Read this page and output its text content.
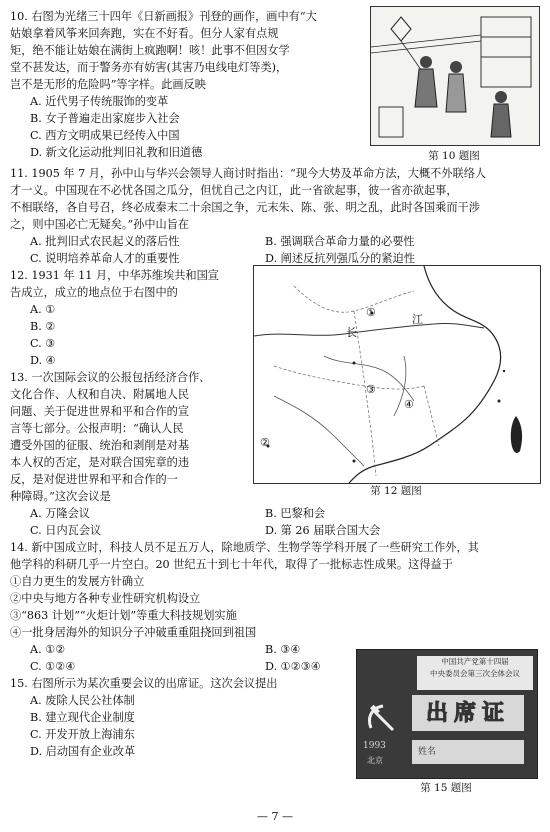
10. 右图为光绪三十四年《日新画报》刊登的画作，画中有“大
姑娘拿着风筝来回奔跑，实在不好看。但分人家有点规
矩，绝不能让姑娘在满街上疯跑啊！咳！此事不但因女学
堂不甚发达，而于警务亦有妨害(其害乃电线电灯等类)，
岂不是无形的危险吗”等字样。此画反映
A. 近代男子传统服饰的变革
B. 女子普遍走出家庭步入社会
C. 西方文明成果已经传入中国
D. 新文化运动批判旧礼教和旧道德	第 10 题图
11. 1905 年 7 月，孙中山与华兴会领导人商讨时指出：“现今大势及革命方法，大概不外联络人
才一义。中国现在不必忧各国之瓜分，但忧自己之内讧，此一省欲起事，彼一省亦欲起事，
不相联络，各自号召，终必成秦末二十余国之争，元末朱、陈、张、明之乱，此时各国乘而干涉
之，则中国必亡无疑矣。”孙中山旨在
A. 批判旧式农民起义的落后性	B. 强调联合革命力量的必要性
C. 说明培养革命人才的重要性	D. 阐述反抗列强瓜分的紧迫性
12. 1931 年 11 月，中华苏维埃共和国宣
告成立，成立的地点位于右图中的
A. ①
B. ②
C. ③
D. ④
①
②
③
④
长
江
第 12 题图
13. 一次国际会议的公报包括经济合作、
文化合作、人权和自决、附属地人民
问题、关于促进世界和平和合作的宣
言等七部分。公报声明：“确认人民
遭受外国的征服、统治和剥削是对基
本人权的否定，是对联合国宪章的违
反，是对促进世界和平和合作的一
种障碍。”这次会议是
A. 万隆会议	B. 巴黎和会
C. 日内瓦会议	D. 第 26 届联合国大会
14. 新中国成立时，科技人员不足五万人，除地质学、生物学等学科开展了一些研究工作外，其
他学科的科研几乎一片空白。20 世纪五十到七十年代，取得了一批标志性成果。这得益于
①自力更生的发展方针确立
②中央与地方各种专业性研究机构设立
③“863 计划”“火炬计划”等重大科技规划实施
④一批身居海外的知识分子冲破重重阻挠回到祖国
A. ①②	B. ③④
C. ①②④	D. ①②③④
15. 右图所示为某次重要会议的出席证。这次会议提出
A. 废除人民公社体制
B. 建立现代企业制度
C. 开发开放上海浦东
D. 启动国有企业改革
中国共产党第十四届
中央委员会第三次全体会议
出席证
1993
北京
姓名
第 15 题图
— 7 —
